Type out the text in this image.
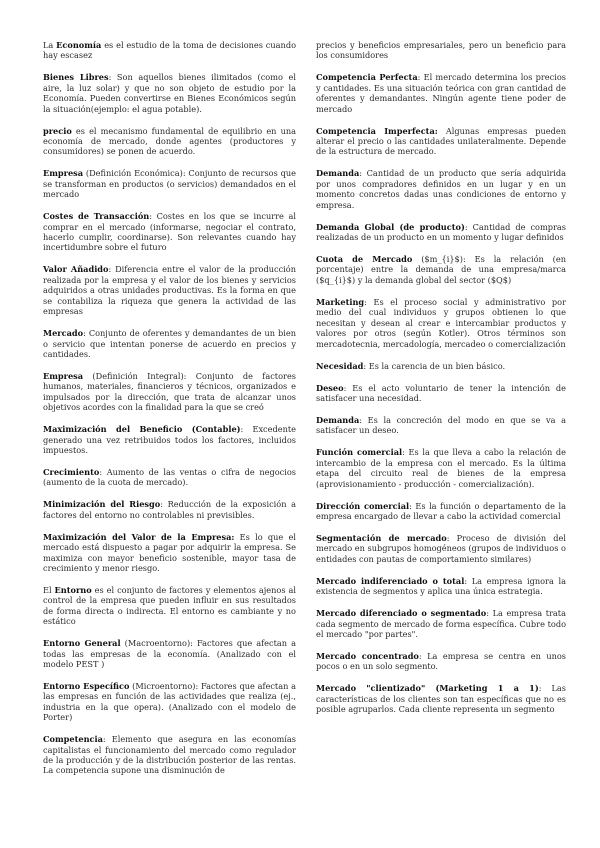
La Economía es el estudio de la toma de decisiones cuando hay escasez

Bienes Libres: Son aquellos bienes ilimitados (como el aire, la luz solar) y que no son objeto de estudio por la Economía. Pueden convertirse en Bienes Económicos según la situación(ejemplo: el agua potable).

precio es el mecanismo fundamental de equilibrio en una economía de mercado, donde agentes (productores y consumidores) se ponen de acuerdo.

Empresa (Definición Económica): Conjunto de recursos que se transforman en productos (o servicios) demandados en el mercado

Costes de Transacción: Costes en los que se incurre al comprar en el mercado (informarse, negociar el contrato, hacerlo cumplir, coordinarse). Son relevantes cuando hay incertidumbre sobre el futuro

Valor Añadido: Diferencia entre el valor de la producción realizada por la empresa y el valor de los bienes y servicios adquiridos a otras unidades productivas. Es la forma en que se contabiliza la riqueza que genera la actividad de las empresas

Mercado: Conjunto de oferentes y demandantes de un bien o servicio que intentan ponerse de acuerdo en precios y cantidades.

Empresa (Definición Integral): Conjunto de factores humanos, materiales, financieros y técnicos, organizados e impulsados por la dirección, que trata de alcanzar unos objetivos acordes con la finalidad para la que se creó

Maximización del Beneficio (Contable): Excedente generado una vez retribuidos todos los factores, incluidos impuestos.

Crecimiento: Aumento de las ventas o cifra de negocios (aumento de la cuota de mercado).

Minimización del Riesgo: Reducción de la exposición a factores del entorno no controlables ni previsibles.

Maximización del Valor de la Empresa: Es lo que el mercado está dispuesto a pagar por adquirir la empresa. Se maximiza con mayor beneficio sostenible, mayor tasa de crecimiento y menor riesgo.

El Entorno es el conjunto de factores y elementos ajenos al control de la empresa que pueden influir en sus resultados de forma directa o indirecta. El entorno es cambiante y no estático

Entorno General (Macroentorno): Factores que afectan a todas las empresas de la economía. (Analizado con el modelo PEST )

Entorno Específico (Microentorno): Factores que afectan a las empresas en función de las actividades que realiza (ej., industria en la que opera). (Analizado con el modelo de Porter)

Competencia: Elemento que asegura en las economías capitalistas el funcionamiento del mercado como regulador de la producción y de la distribución posterior de las rentas. La competencia supone una disminución de

precios y beneficios empresariales, pero un beneficio para los consumidores

Competencia Perfecta: El mercado determina los precios y cantidades. Es una situación teórica con gran cantidad de oferentes y demandantes. Ningún agente tiene poder de mercado

Competencia Imperfecta: Algunas empresas pueden alterar el precio o las cantidades unilateralmente. Depende de la estructura de mercado.

Demanda: Cantidad de un producto que sería adquirida por unos compradores definidos en un lugar y en un momento concretos dadas unas condiciones de entorno y empresa.

Demanda Global (de producto): Cantidad de compras realizadas de un producto en un momento y lugar definidos

Cuota de Mercado ($m_{i}$): Es la relación (en porcentaje) entre la demanda de una empresa/marca ($q_{i}$) y la demanda global del sector ($Q$)

Marketing: Es el proceso social y administrativo por medio del cual individuos y grupos obtienen lo que necesitan y desean al crear e intercambiar productos y valores por otros (según Kotler). Otros términos son mercadotecnia, mercadología, mercadeo o comercialización

Necesidad: Es la carencia de un bien básico.

Deseo: Es el acto voluntario de tener la intención de satisfacer una necesidad.

Demanda: Es la concreción del modo en que se va a satisfacer un deseo.

Función comercial: Es la que lleva a cabo la relación de intercambio de la empresa con el mercado. Es la última etapa del circuito real de bienes de la empresa (aprovisionamiento - producción - comercialización).

Dirección comercial: Es la función o departamento de la empresa encargado de llevar a cabo la actividad comercial

Segmentación de mercado: Proceso de división del mercado en subgrupos homogéneos (grupos de individuos o entidades con pautas de comportamiento similares)

Mercado indiferenciado o total: La empresa ignora la existencia de segmentos y aplica una única estrategia.

Mercado diferenciado o segmentado: La empresa trata cada segmento de mercado de forma específica. Cubre todo el mercado "por partes".

Mercado concentrado: La empresa se centra en unos pocos o en un solo segmento.

Mercado "clientizado" (Marketing 1 a 1): Las características de los clientes son tan específicas que no es posible agruparlos. Cada cliente representa un segmento
